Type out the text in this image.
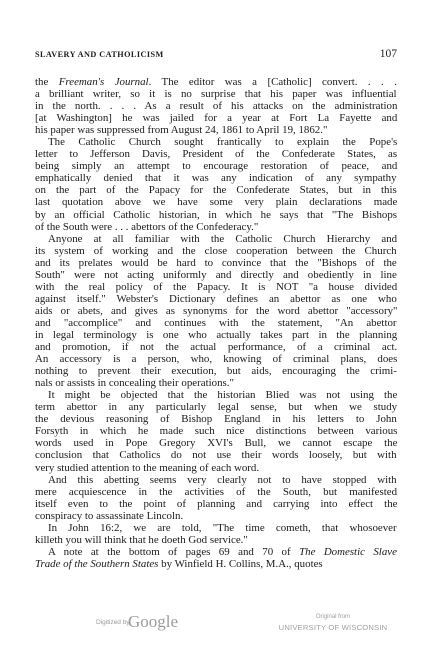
SLAVERY AND CATHOLICISM	107
the Freeman's Journal. The editor was a [Catholic] convert. . . .
a brilliant writer, so it is no surprise that his paper was influential
in the north. . . . As a result of his attacks on the administration
[at Washington] he was jailed for a year at Fort La Fayette and
his paper was suppressed from August 24, 1861 to April 19, 1862."
The Catholic Church sought frantically to explain the Pope's
letter to Jefferson Davis, President of the Confederate States, as
being simply an attempt to encourage restoration of peace, and
emphatically denied that it was any indication of any sympathy
on the part of the Papacy for the Confederate States, but in this
last quotation above we have some very plain declarations made
by an official Catholic historian, in which he says that "The Bishops
of the South were . . . abettors of the Confederacy."
Anyone at all familiar with the Catholic Church Hierarchy and
its system of working and the close cooperation between the Church
and its prelates would be hard to convince that the "Bishops of the
South" were not acting uniformly and directly and obediently in line
with the real policy of the Papacy. It is NOT "a house divided
against itself." Webster's Dictionary defines an abettor as one who
aids or abets, and gives as synonyms for the word abettor "accessory"
and "accomplice" and continues with the statement, "An abettor
in legal terminology is one who actually takes part in the planning
and promotion, if not the actual performance, of a criminal act.
An accessory is a person, who, knowing of criminal plans, does
nothing to prevent their execution, but aids, encouraging the crimi-
nals or assists in concealing their operations."
It might be objected that the historian Blied was not using the
term abettor in any particularly legal sense, but when we study
the devious reasoning of Bishop England in his letters to John
Forsyth in which he made such nice distinctions between various
words used in Pope Gregory XVI's Bull, we cannot escape the
conclusion that Catholics do not use their words loosely, but with
very studied attention to the meaning of each word.
And this abetting seems very clearly not to have stopped with
mere acquiescence in the activities of the South, but manifested
itself even to the point of planning and carrying into effect the
conspiracy to assassinate Lincoln.
In John 16:2, we are told, "The time cometh, that whosoever
killeth you will think that he doeth God service."
A note at the bottom of pages 69 and 70 of The Domestic Slave
Trade of the Southern States by Winfield H. Collins, M.A., quotes
Digitized by
Google	Original from
UNIVERSITY OF WISCONSIN
